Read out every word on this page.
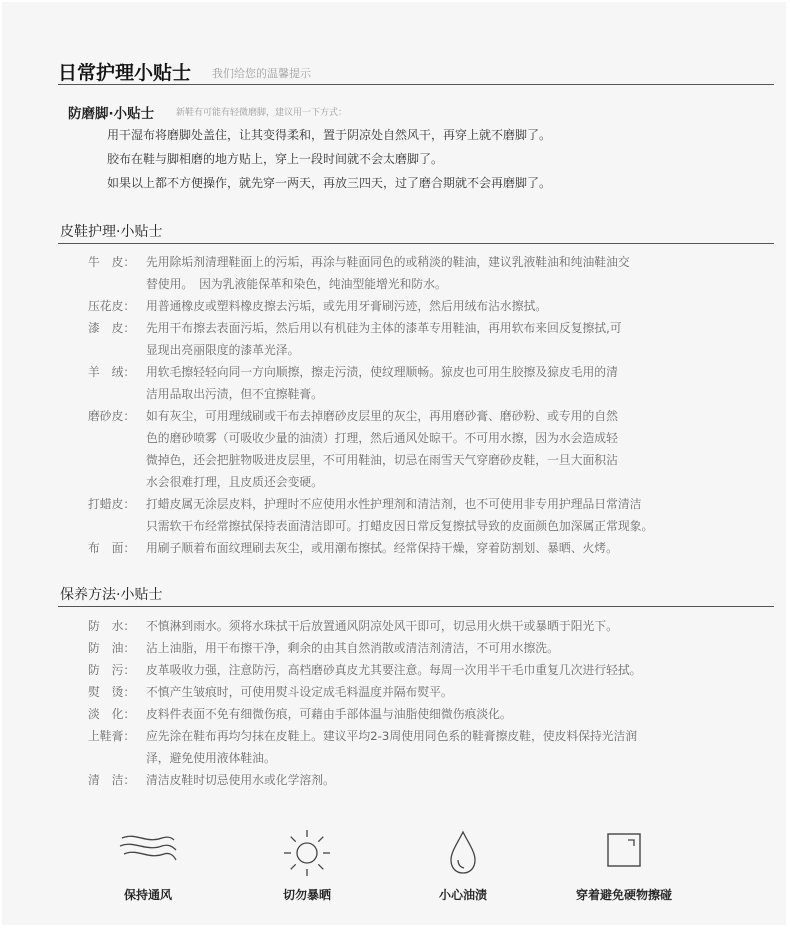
日常护理小贴士 我们给您的温馨提示
防磨脚·小贴士 新鞋有可能有轻微磨脚，建议用一下方式：
用干湿布将磨脚处盖住，让其变得柔和，置于阴凉处自然风干，再穿上就不磨脚了。
胶布在鞋与脚相磨的地方贴上，穿上一段时间就不会太磨脚了。
如果以上都不方便操作，就先穿一两天，再放三四天，过了磨合期就不会再磨脚了。
皮鞋护理·小贴士
牛　皮： 先用除垢剂清理鞋面上的污垢，再涂与鞋面同色的或稍淡的鞋油，建议乳液鞋油和纯油鞋油交
替使用。　因为乳液能保革和染色，纯油型能增光和防水。
压花皮： 用普通橡皮或塑料橡皮擦去污垢，或先用牙膏刷污迹，然后用绒布沾水擦拭。
漆　皮： 先用干布擦去表面污垢，然后用以有机硅为主体的漆革专用鞋油，再用软布来回反复擦拭,可
显现出亮丽限度的漆革光泽。
羊　绒： 用软毛擦轻轻向同一方向顺擦，擦走污渍，使纹理顺畅。猄皮也可用生胶擦及猄皮毛用的清
洁用品取出污渍，但不宜擦鞋膏。
磨砂皮： 如有灰尘，可用理绒刷或干布去掉磨砂皮层里的灰尘，再用磨砂膏、磨砂粉、或专用的自然
色的磨砂喷雾（可吸收少量的油渍）打理，然后通风处晾干。不可用水擦，因为水会造成轻
微掉色，还会把脏物吸进皮层里，不可用鞋油，切忌在雨雪天气穿磨砂皮鞋，一旦大面积沾
水会很难打理，且皮质还会变硬。
打蜡皮： 打蜡皮属无涂层皮料，护理时不应使用水性护理剂和清洁剂，也不可使用非专用护理品日常清洁
只需软干布经常擦拭保持表面清洁即可。打蜡皮因日常反复擦拭导致的皮面颜色加深属正常现象。
布　面： 用刷子顺着布面纹理刷去灰尘，或用潮布擦拭。经常保持干燥，穿着防割划、暴晒、火烤。
保养方法·小贴士
防　水： 不慎淋到雨水。须将水珠拭干后放置通风阴凉处风干即可，切忌用火烘干或暴晒于阳光下。
防　油： 沾上油脂，用干布擦干净，剩余的由其自然消散或清洁剂清洁，不可用水擦洗。
防　污： 皮革吸收力强，注意防污，高档磨砂真皮尤其要注意。每周一次用半干毛巾重复几次进行轻拭。
熨　烫： 不慎产生皱痕时，可使用熨斗设定成毛料温度并隔布熨平。
淡　化： 皮料件表面不免有细微伤痕，可藉由手部体温与油脂使细微伤痕淡化。
上鞋膏： 应先涂在鞋布再均匀抹在皮鞋上。建议平均2-3周使用同色系的鞋膏擦皮鞋，使皮料保持光洁润
泽，避免使用液体鞋油。
清　洁： 清洁皮鞋时切忌使用水或化学溶剂。
保持通风	切勿暴晒	小心油渍	穿着避免硬物擦碰
